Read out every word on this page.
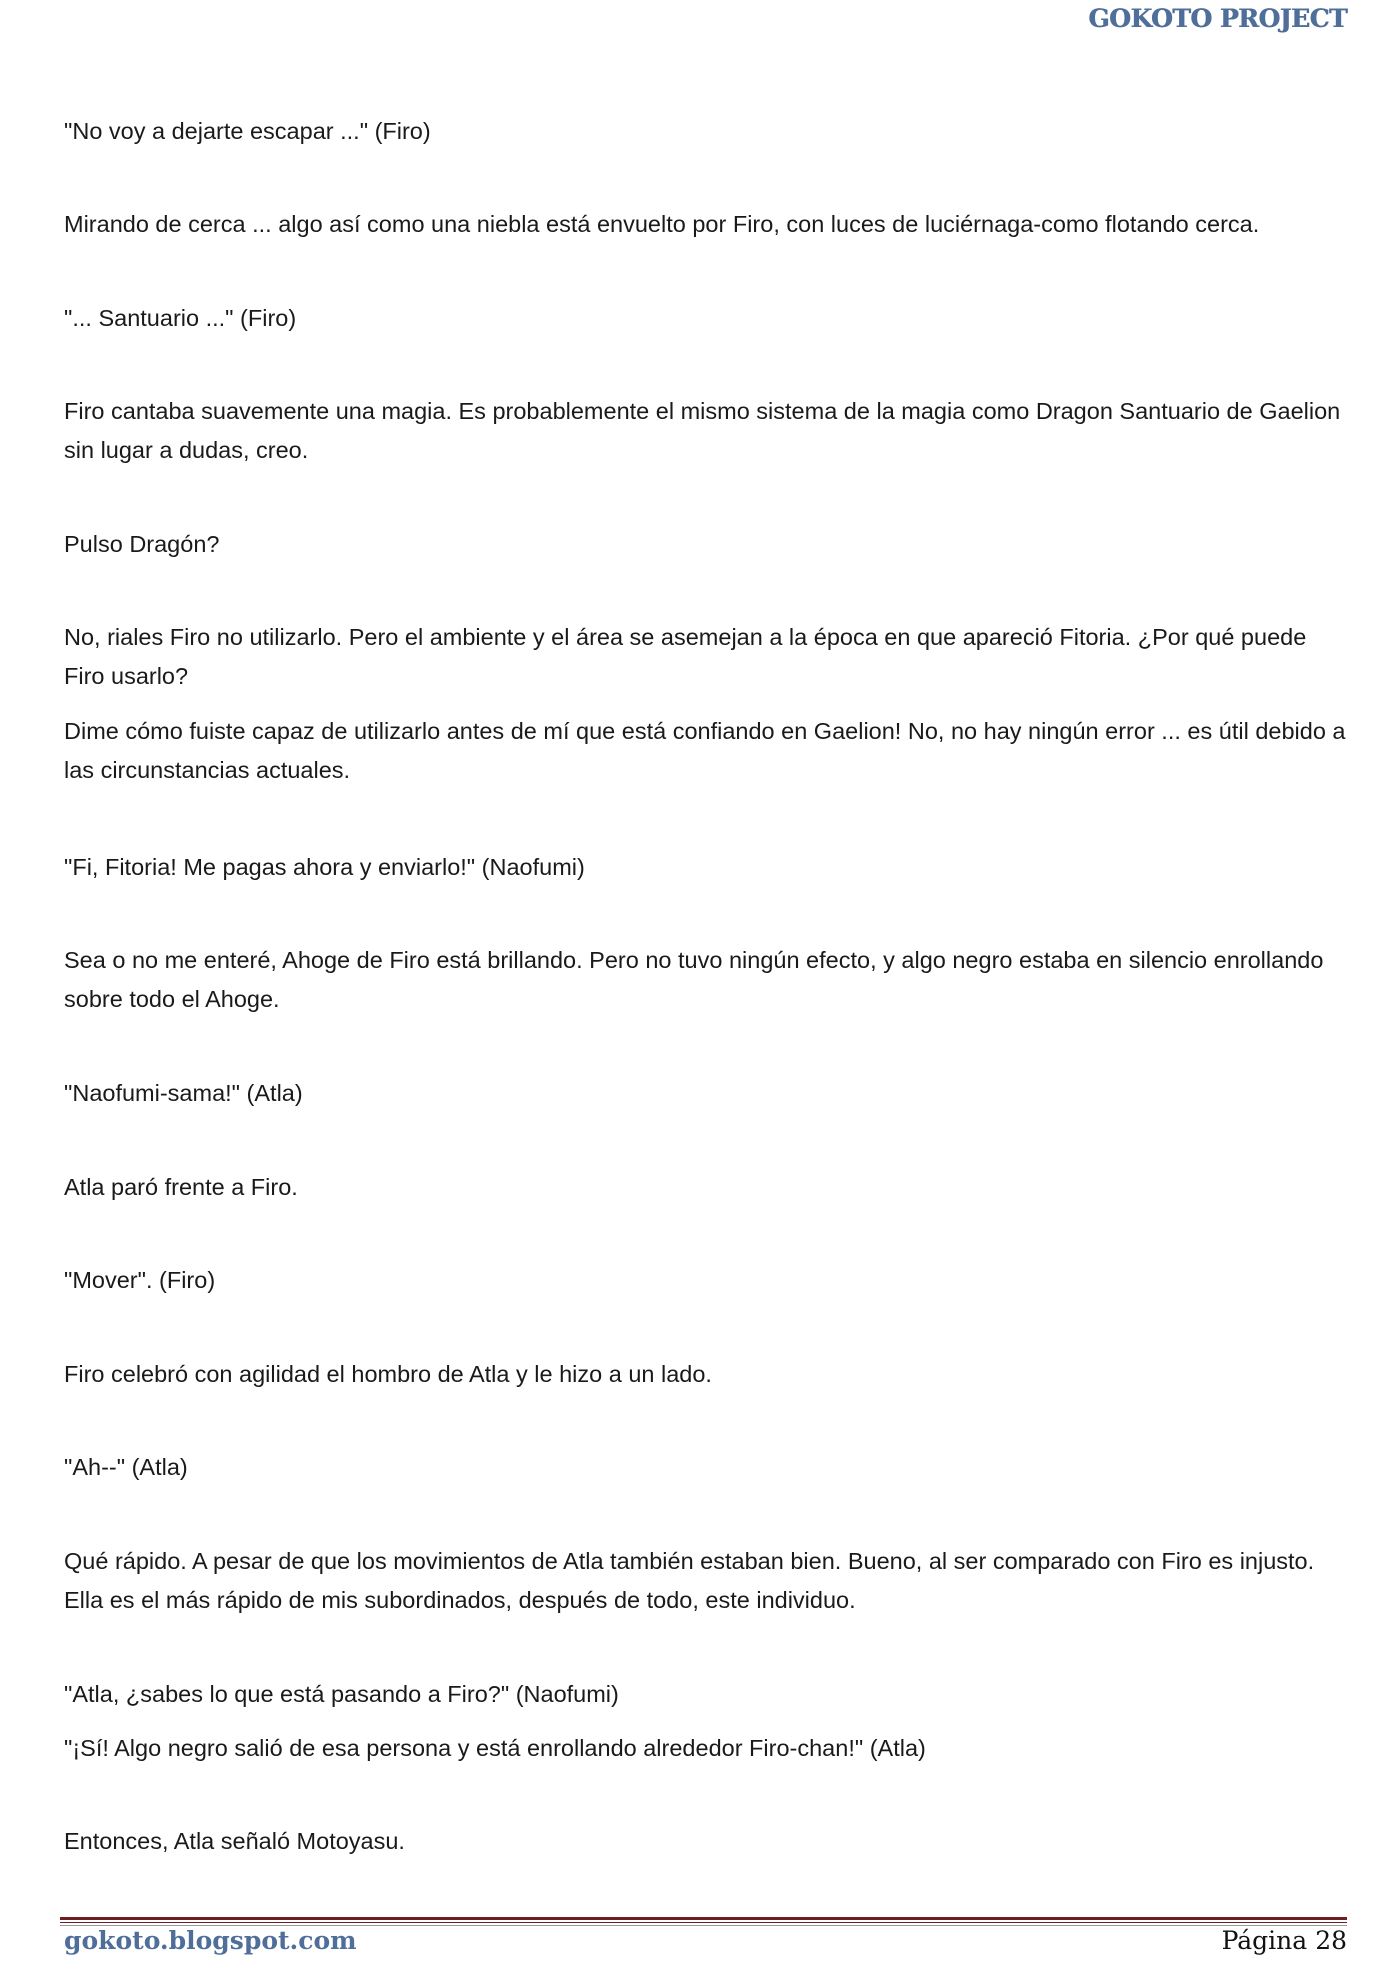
GOKOTO PROJECT

"No voy a dejarte escapar ..." (Firo)

Mirando de cerca ... algo así como una niebla está envuelto por Firo, con luces de luciérnaga-como flotando cerca.

"... Santuario ..." (Firo)

Firo cantaba suavemente una magia. Es probablemente el mismo sistema de la magia como Dragon Santuario de Gaelion sin lugar a dudas, creo.

Pulso Dragón?

No, riales Firo no utilizarlo. Pero el ambiente y el área se asemejan a la época en que apareció Fitoria. ¿Por qué puede Firo usarlo?

Dime cómo fuiste capaz de utilizarlo antes de mí que está confiando en Gaelion! No, no hay ningún error ... es útil debido a las circunstancias actuales.

"Fi, Fitoria! Me pagas ahora y enviarlo!" (Naofumi)

Sea o no me enteré, Ahoge de Firo está brillando. Pero no tuvo ningún efecto, y algo negro estaba en silencio enrollando sobre todo el Ahoge.

"Naofumi-sama!" (Atla)

Atla paró frente a Firo.

"Mover". (Firo)

Firo celebró con agilidad el hombro de Atla y le hizo a un lado.

"Ah--" (Atla)

Qué rápido. A pesar de que los movimientos de Atla también estaban bien. Bueno, al ser comparado con Firo es injusto. Ella es el más rápido de mis subordinados, después de todo, este individuo.

"Atla, ¿sabes lo que está pasando a Firo?" (Naofumi)

"¡Sí! Algo negro salió de esa persona y está enrollando alrededor Firo-chan!" (Atla)

Entonces, Atla señaló Motoyasu.

gokoto.blogspot.com	Página 28
